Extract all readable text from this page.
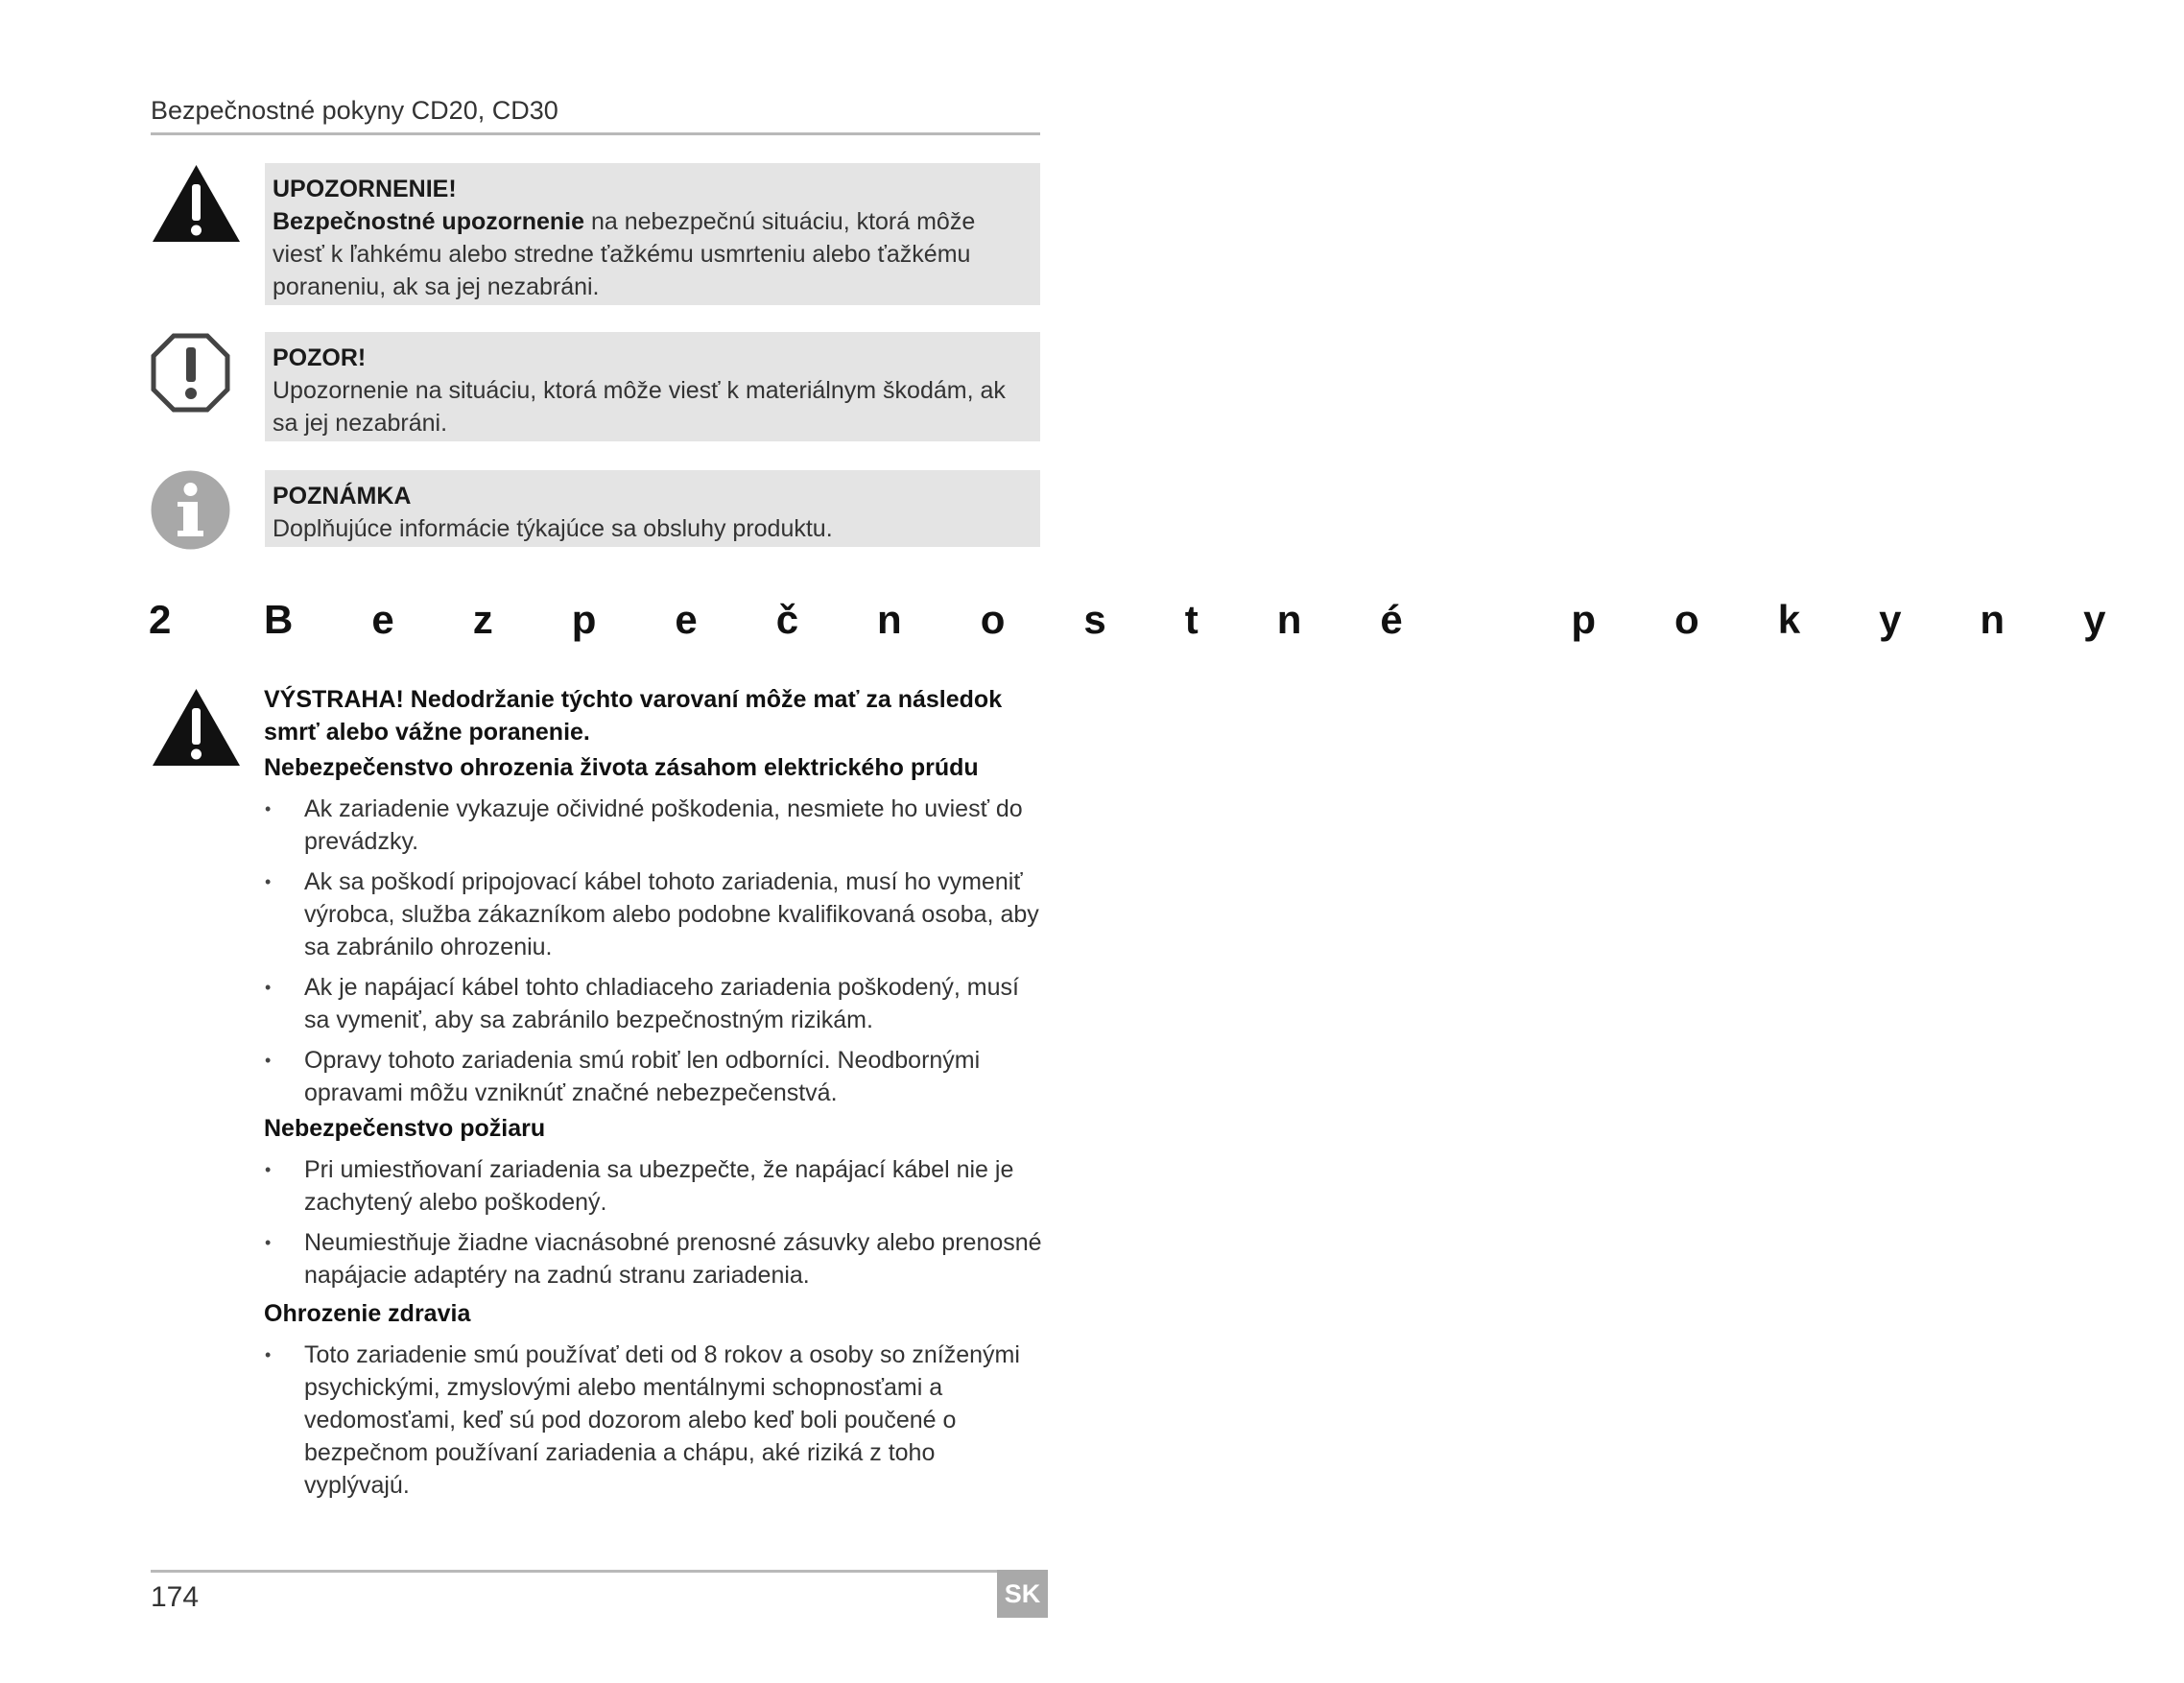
Bezpečnostné pokyny CD20, CD30
UPOZORNENIE!
Bezpečnostné upozornenie na nebezpečnú situáciu, ktorá môže viesť k ľahkému alebo stredne ťažkému usmrteniu alebo ťažkému poraneniu, ak sa jej nezabráni.
POZOR!
Upozornenie na situáciu, ktorá môže viesť k materiálnym škodám, ak sa jej nezabráni.
POZNÁMKA
Doplňujúce informácie týkajúce sa obsluhy produktu.
2 Bezpečnostné pokyny
VÝSTRAHA! Nedodržanie týchto varovaní môže mať za následok smrť alebo vážne poranenie.
Nebezpečenstvo ohrozenia života zásahom elektrického prúdu
• Ak zariadenie vykazuje očividné poškodenia, nesmiete ho uviesť do prevádzky.
• Ak sa poškodí pripojovací kábel tohoto zariadenia, musí ho vymeniť výrobca, služba zákazníkom alebo podobne kvalifikovaná osoba, aby sa zabránilo ohrozeniu.
• Ak je napájací kábel tohto chladiaceho zariadenia poškodený, musí sa vymeniť, aby sa zabránilo bezpečnostným rizikám.
• Opravy tohoto zariadenia smú robiť len odborníci. Neodbornými opravami môžu vzniknúť značné nebezpečenstvá.
Nebezpečenstvo požiaru
• Pri umiestňovaní zariadenia sa ubezpečte, že napájací kábel nie je zachytený alebo poškodený.
• Neumiestňuje žiadne viacnásobné prenosné zásuvky alebo prenosné napájacie adaptéry na zadnú stranu zariadenia.
Ohrozenie zdravia
• Toto zariadenie smú používať deti od 8 rokov a osoby so zníženými psychickými, zmyslovými alebo mentálnymi schopnosťami a vedomosťami, keď sú pod dozorom alebo keď boli poučené o bezpečnom používaní zariadenia a chápu, aké riziká z toho vyplývajú.
174	SK
